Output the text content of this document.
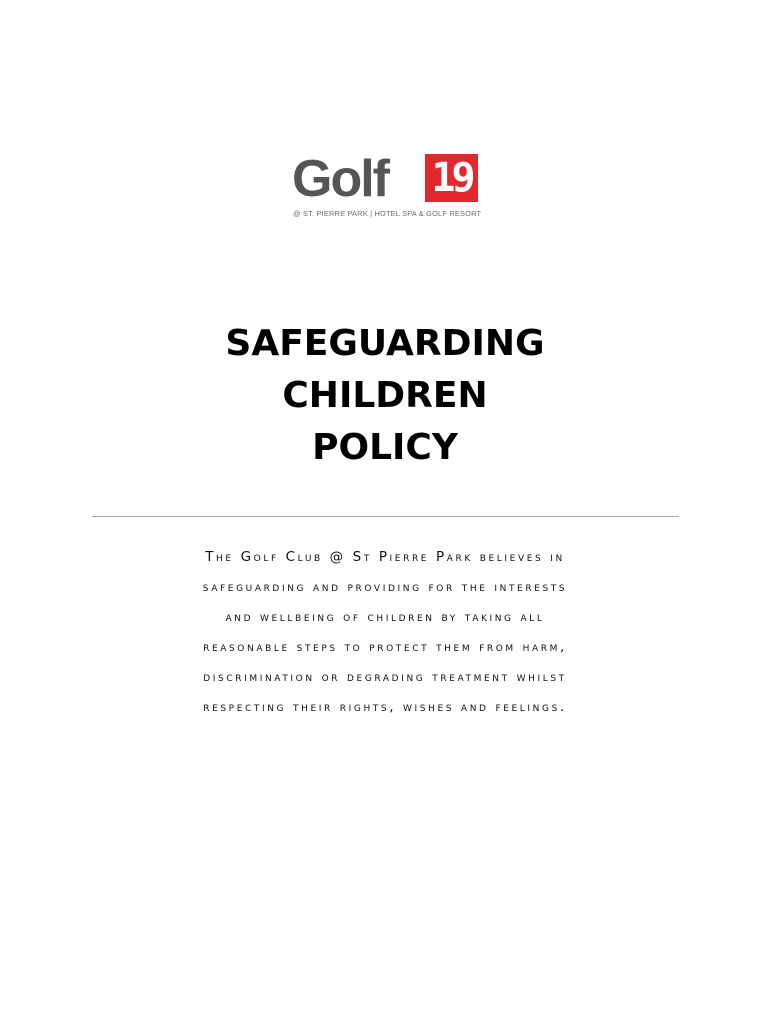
Golf 19
@ ST. PIERRE PARK | HOTEL SPA & GOLF RESORT
SAFEGUARDING
CHILDREN
POLICY
The Golf Club @ St Pierre Park believes in
safeguarding and providing for the interests
and wellbeing of children by taking all
reasonable steps to protect them from harm,
discrimination or degrading treatment whilst
respecting their rights, wishes and feelings.
